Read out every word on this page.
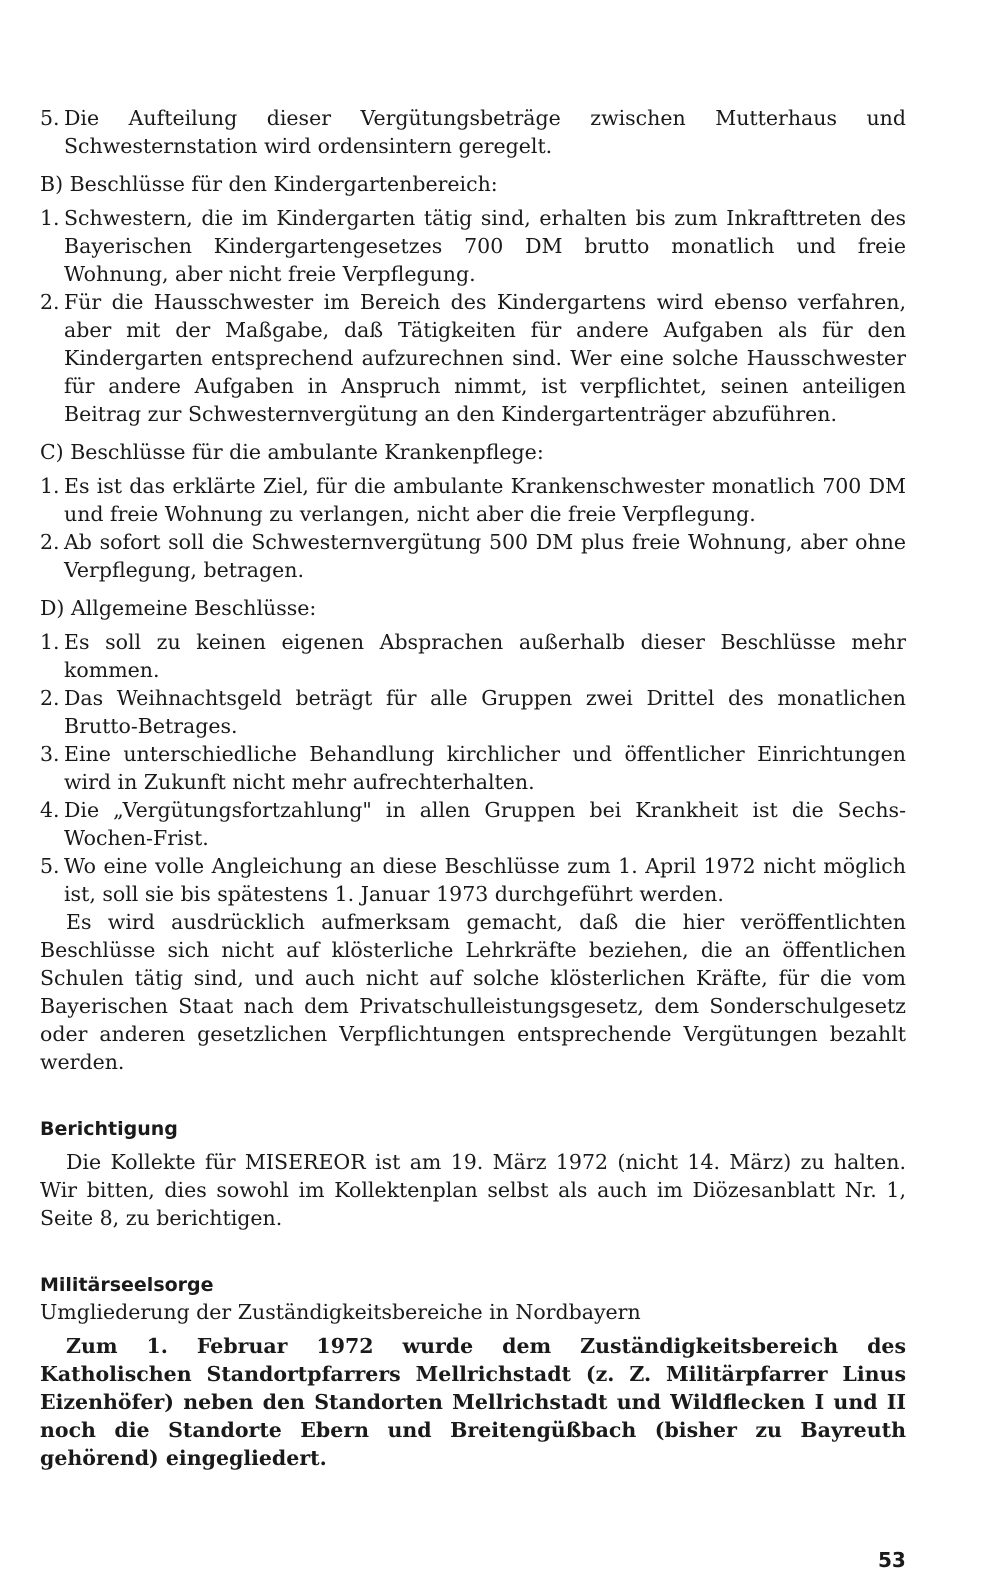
5. Die Aufteilung dieser Vergütungsbeträge zwischen Mutterhaus und Schwesternstation wird ordensintern geregelt.

B) Beschlüsse für den Kindergartenbereich:

1. Schwestern, die im Kindergarten tätig sind, erhalten bis zum Inkrafttreten des Bayerischen Kindergartengesetzes 700 DM brutto monatlich und freie Wohnung, aber nicht freie Verpflegung.
2. Für die Hausschwester im Bereich des Kindergartens wird ebenso verfahren, aber mit der Maßgabe, daß Tätigkeiten für andere Aufgaben als für den Kindergarten entsprechend aufzurechnen sind. Wer eine solche Hausschwester für andere Aufgaben in Anspruch nimmt, ist verpflichtet, seinen anteiligen Beitrag zur Schwesternvergütung an den Kindergartenträger abzuführen.

C) Beschlüsse für die ambulante Krankenpflege:

1. Es ist das erklärte Ziel, für die ambulante Krankenschwester monatlich 700 DM und freie Wohnung zu verlangen, nicht aber die freie Verpflegung.
2. Ab sofort soll die Schwesternvergütung 500 DM plus freie Wohnung, aber ohne Verpflegung, betragen.

D) Allgemeine Beschlüsse:

1. Es soll zu keinen eigenen Absprachen außerhalb dieser Beschlüsse mehr kommen.
2. Das Weihnachtsgeld beträgt für alle Gruppen zwei Drittel des monatlichen Brutto-Betrages.
3. Eine unterschiedliche Behandlung kirchlicher und öffentlicher Einrichtungen wird in Zukunft nicht mehr aufrechterhalten.
4. Die „Vergütungsfortzahlung" in allen Gruppen bei Krankheit ist die Sechs-Wochen-Frist.
5. Wo eine volle Angleichung an diese Beschlüsse zum 1. April 1972 nicht möglich ist, soll sie bis spätestens 1. Januar 1973 durchgeführt werden.

Es wird ausdrücklich aufmerksam gemacht, daß die hier veröffentlichten Beschlüsse sich nicht auf klösterliche Lehrkräfte beziehen, die an öffentlichen Schulen tätig sind, und auch nicht auf solche klösterlichen Kräfte, für die vom Bayerischen Staat nach dem Privatschulleistungsgesetz, dem Sonderschulgesetz oder anderen gesetzlichen Verpflichtungen entsprechende Vergütungen bezahlt werden.

Berichtigung

Die Kollekte für MISEREOR ist am 19. März 1972 (nicht 14. März) zu halten. Wir bitten, dies sowohl im Kollektenplan selbst als auch im Diözesanblatt Nr. 1, Seite 8, zu berichtigen.

Militärseelsorge

Umgliederung der Zuständigkeitsbereiche in Nordbayern

Zum 1. Februar 1972 wurde dem Zuständigkeitsbereich des Katholischen Standortpfarrers Mellrichstadt (z. Z. Militärpfarrer Linus Eizenhöfer) neben den Standorten Mellrichstadt und Wildflecken I und II noch die Standorte Ebern und Breitengüßbach (bisher zu Bayreuth gehörend) eingegliedert.

53
